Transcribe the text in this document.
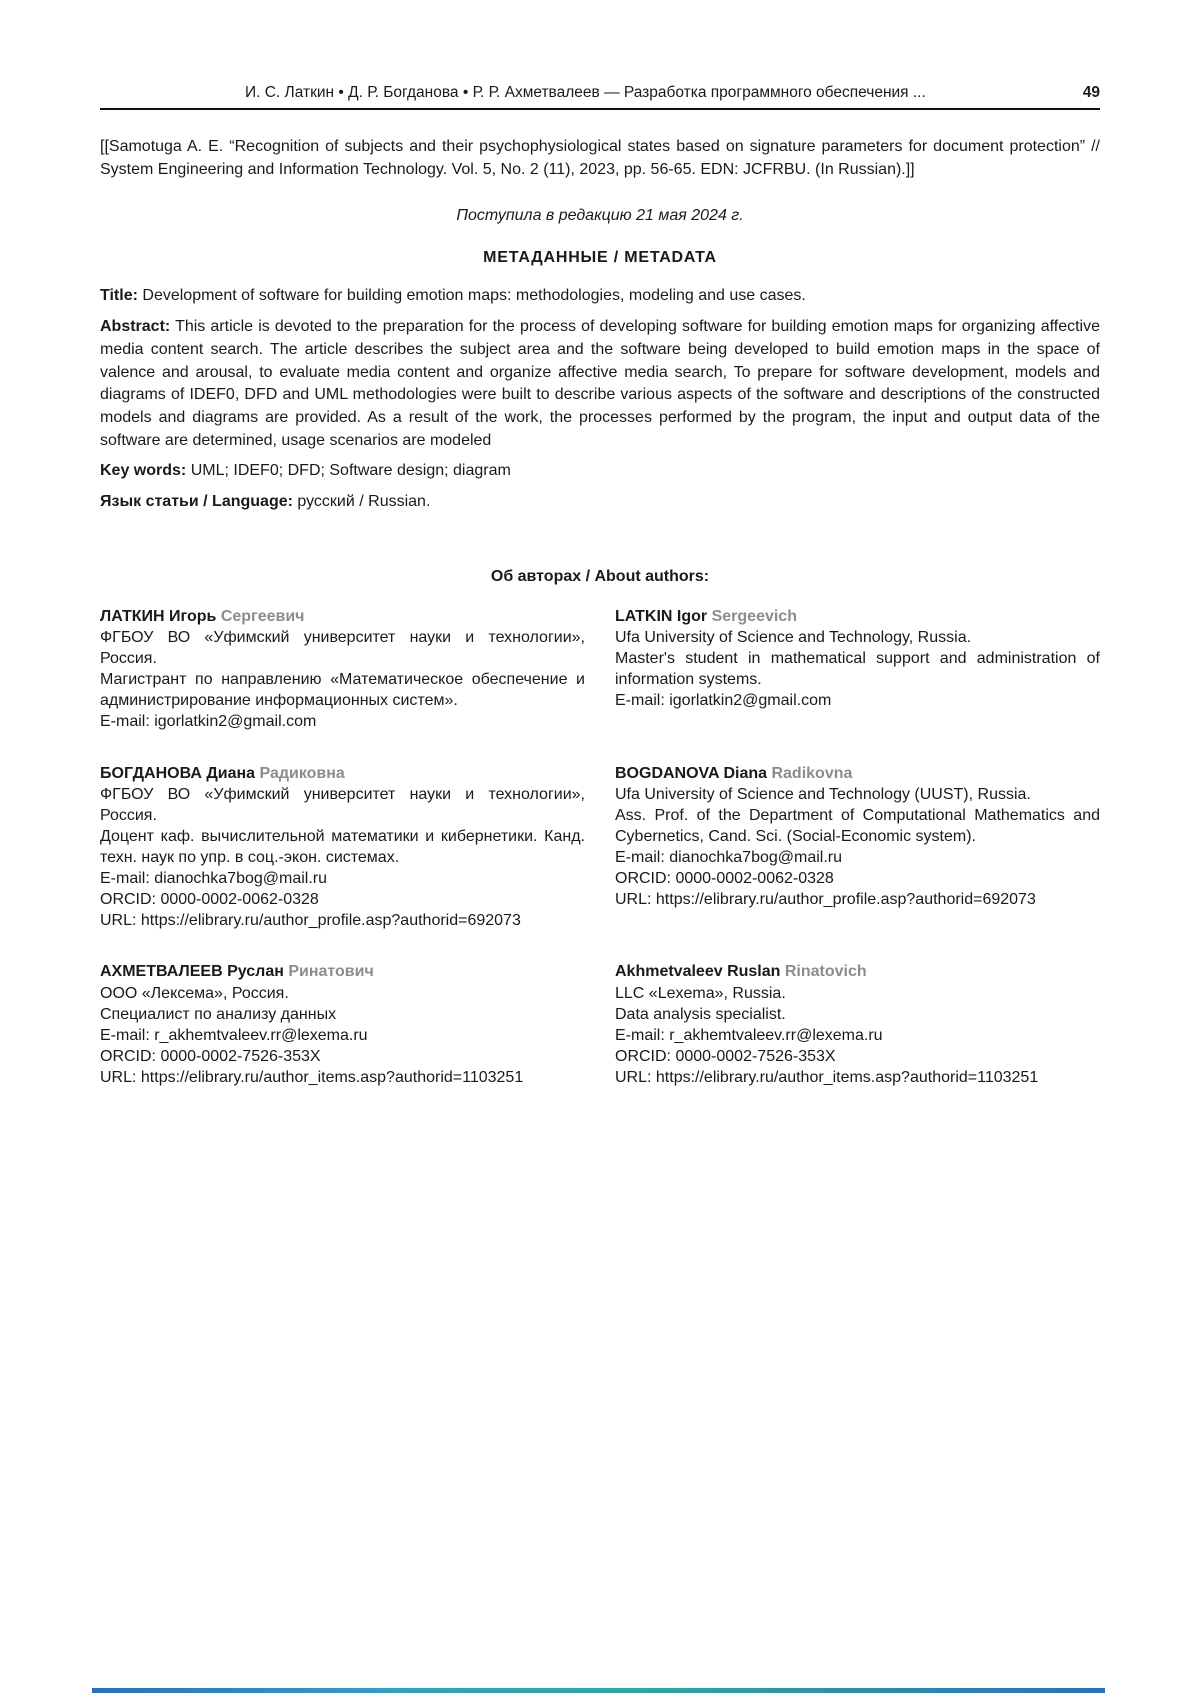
И. С. Латкин • Д. Р. Богданова • Р. Р. Ахметвалеев — Разработка программного обеспечения ...	49

[[Samotuga A. E. “Recognition of subjects and their psychophysiological states based on signature parameters for document protection” // System Engineering and Information Technology. Vol. 5, No. 2 (11), 2023, pp. 56-65. EDN: JCFRBU. (In Russian).]]

Поступила в редакцию 21 мая 2024 г.

МЕТАДАННЫЕ / METADATA

Title: Development of software for building emotion maps: methodologies, modeling and use cases.

Abstract: This article is devoted to the preparation for the process of developing software for building emotion maps for organizing affective media content search. The article describes the subject area and the software being developed to build emotion maps in the space of valence and arousal, to evaluate media content and organize affective media search, To prepare for software development, models and diagrams of IDEF0, DFD and UML methodologies were built to describe various aspects of the software and descriptions of the constructed models and diagrams are provided. As a result of the work, the processes performed by the program, the input and output data of the software are determined, usage scenarios are modeled

Key words: UML; IDEF0; DFD; Software design; diagram

Язык статьи / Language: русский / Russian.

Об авторах / About authors:

ЛАТКИН Игорь Сергеевич

ФГБОУ ВО «Уфимский университет науки и технологии», Россия.

Магистрант по направлению «Математическое обеспечение и администрирование информационных систем».

E-mail: igorlatkin2@gmail.com

LATKIN Igor Sergeevich

Ufa University of Science and Technology, Russia.

Master's student in mathematical support and administration of information systems.

E-mail: igorlatkin2@gmail.com

БОГДАНОВА Диана Радиковна

ФГБОУ ВО «Уфимский университет науки и технологии», Россия.

Доцент каф. вычислительной математики и кибернетики. Канд. техн. наук по упр. в соц.-экон. системах.

E-mail: dianochka7bog@mail.ru

ORCID: 0000-0002-0062-0328

URL: https://elibrary.ru/author_profile.asp?authorid=692073

BOGDANOVA Diana Radikovna

Ufa University of Science and Technology (UUST), Russia.

Ass. Prof. of the Department of Computational Mathematics and Cybernetics, Cand. Sci. (Social-Economic system).

E-mail: dianochka7bog@mail.ru

ORCID: 0000-0002-0062-0328

URL: https://elibrary.ru/author_profile.asp?authorid=692073

АХМЕТВАЛЕЕВ Руслан Ринатович

ООО «Лексема», Россия.

Специалист по анализу данных

E-mail: r_akhemtvaleev.rr@lexema.ru

ORCID: 0000-0002-7526-353X

URL: https://elibrary.ru/author_items.asp?authorid=1103251

Akhmetvaleev Ruslan Rinatovich

LLC «Lexema», Russia.

Data analysis specialist.

E-mail: r_akhemtvaleev.rr@lexema.ru

ORCID: 0000-0002-7526-353X

URL: https://elibrary.ru/author_items.asp?authorid=1103251
